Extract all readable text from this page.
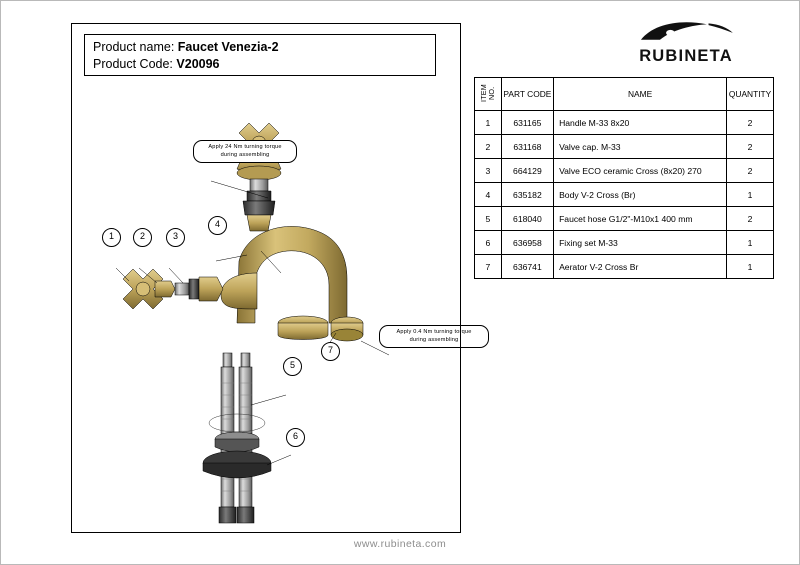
Product name: Faucet Venezia-2
Product Code: V20096	RUBINETA
ITEM NO.	PART CODE	NAME	QUANTITY
1	631165	Handle M-33 8x20	2
2	631168	Valve cap. M-33	2
3	664129	Valve ECO ceramic Cross (8x20) 270	2
4	635182	Body V-2 Cross (Br)	1
5	618040	Faucet hose G1/2"-M10x1 400 mm	2
6	636958	Fixing set M-33	1
7	636741	Aerator V-2 Cross Br	1
1	2	3
4
5
6
7
Apply 24 Nm turning torque
during assembling
Apply 0.4 Nm turning torque
during assembling
www.rubineta.com
